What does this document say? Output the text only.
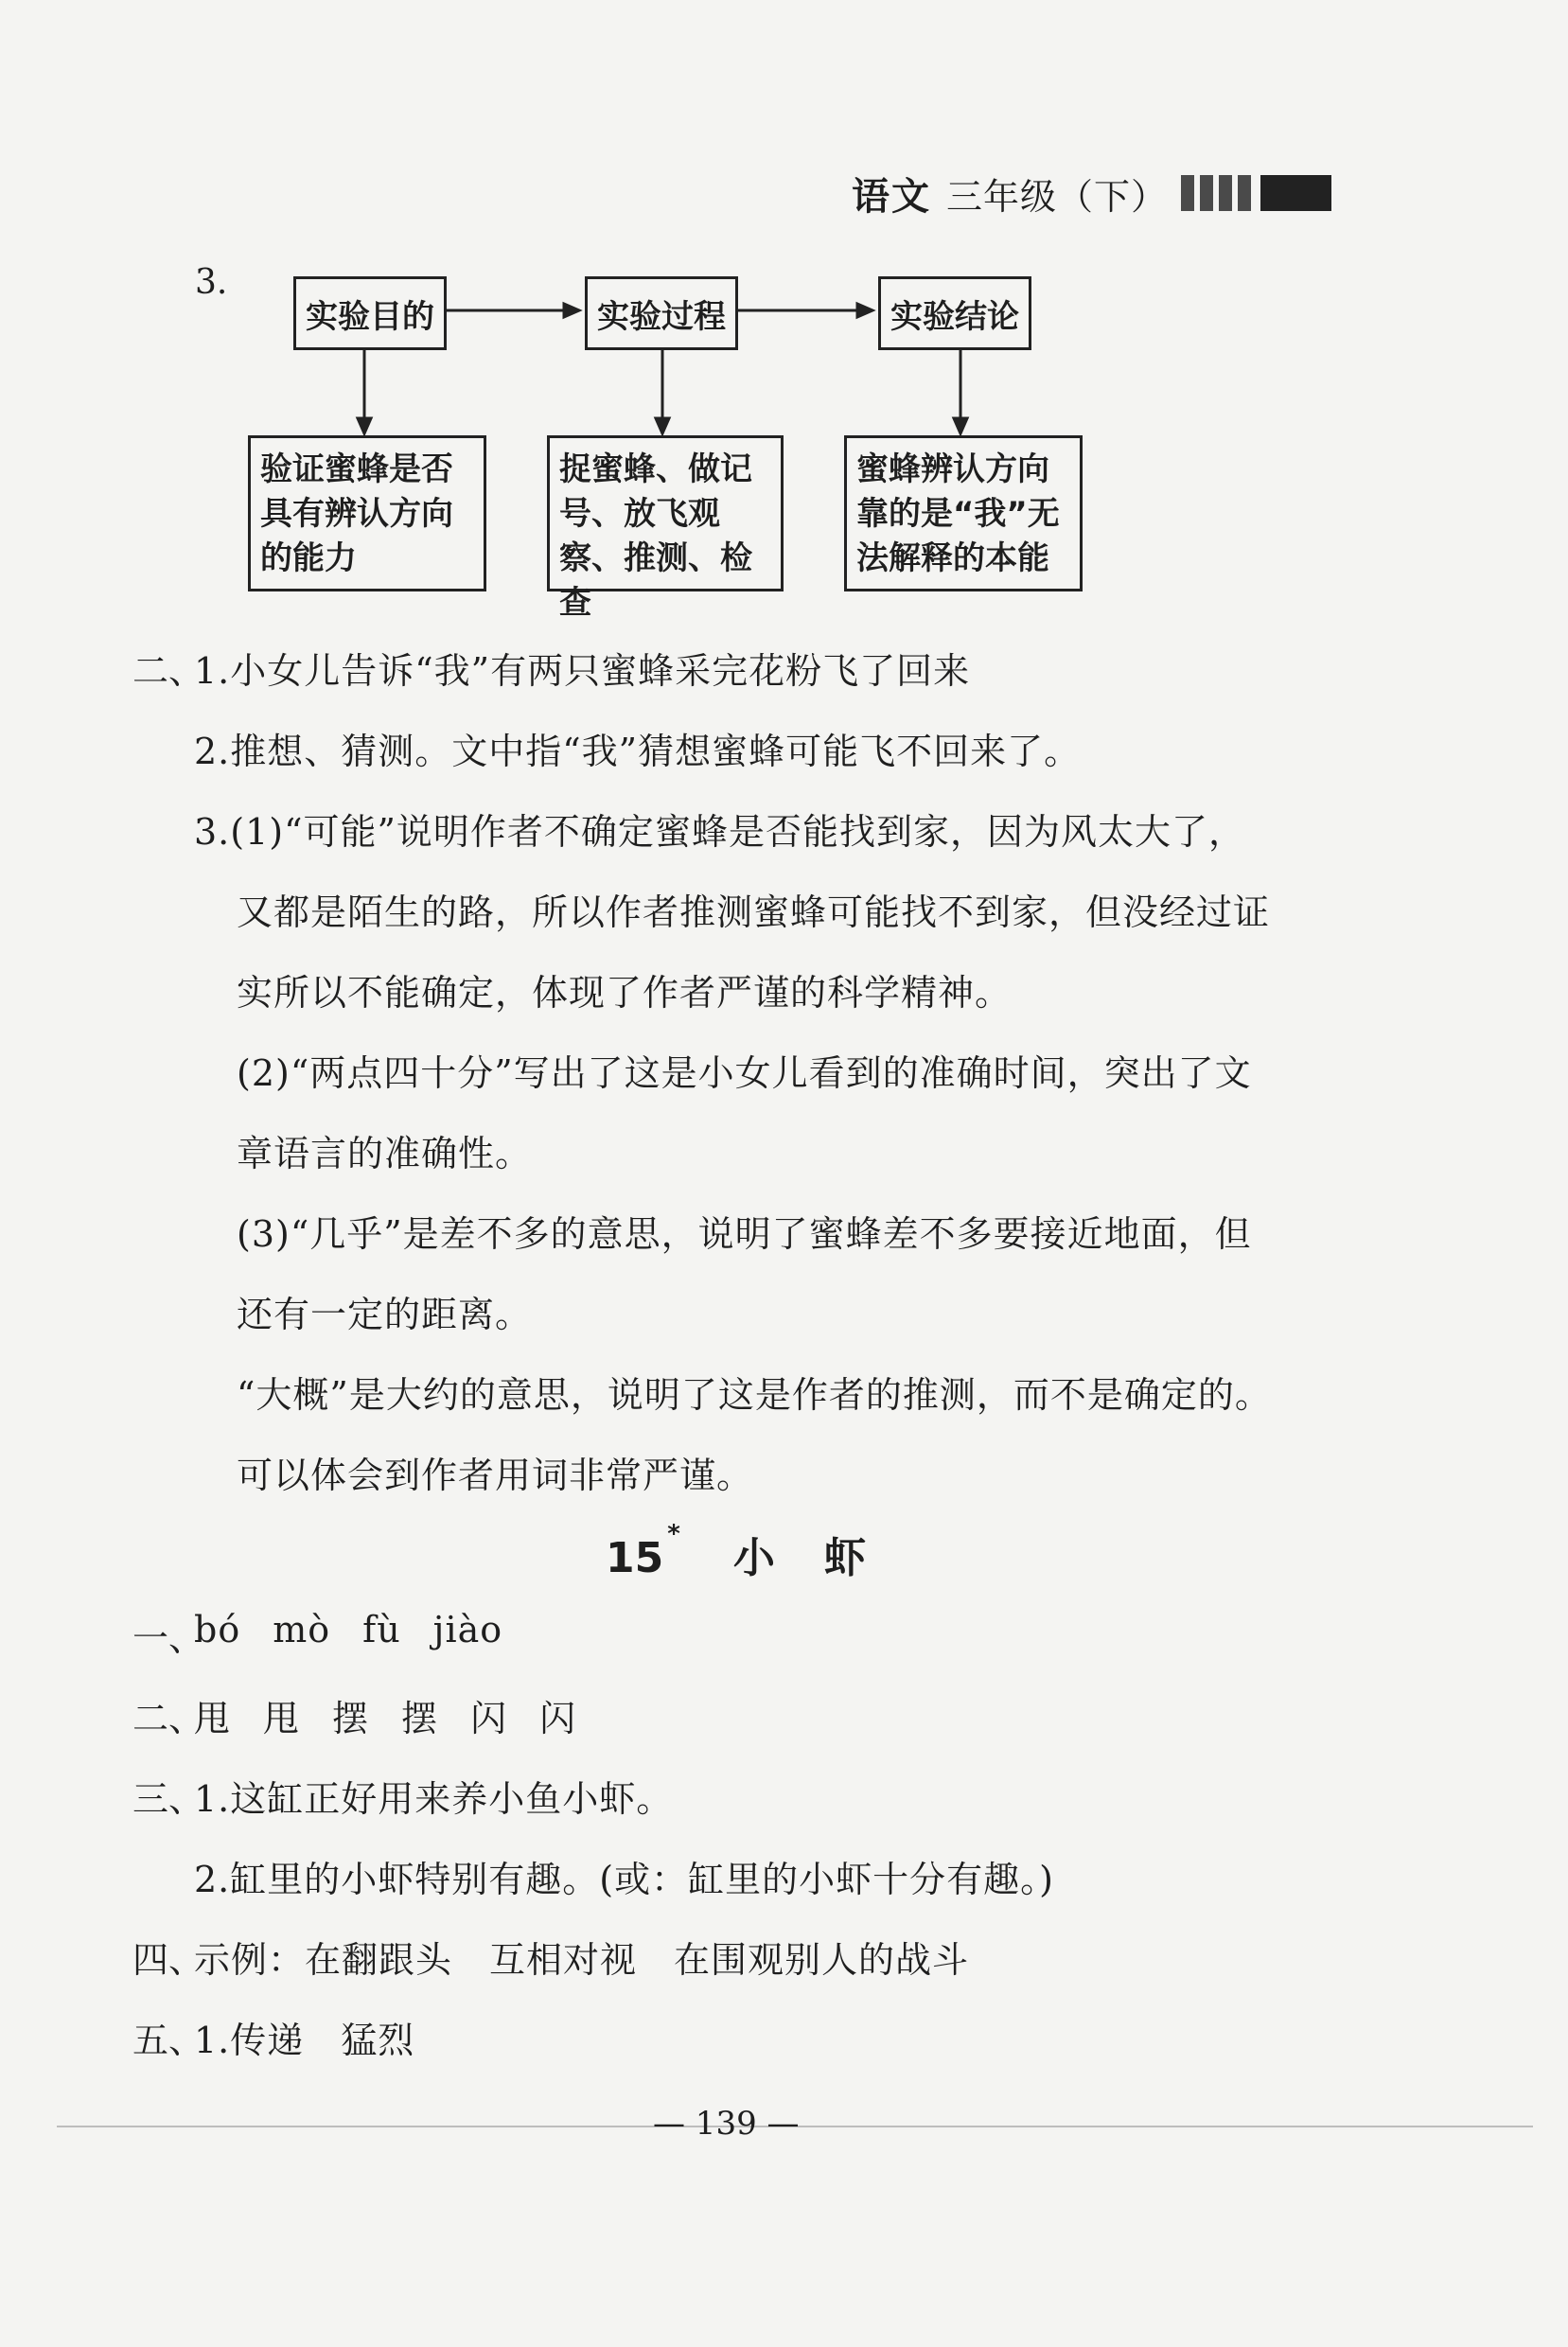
语文 三年级（下）
3.
实验目的	实验过程	实验结论
验证蜜蜂是否具有辨认方向的能力
捉蜜蜂、做记号、放飞观察、推测、检查
蜜蜂辨认方向靠的是“我”无法解释的本能
二、
1.小女儿告诉“我”有两只蜜蜂采完花粉飞了回来
2.推想、猜测。文中指“我”猜想蜜蜂可能飞不回来了。
3.(1)“可能”说明作者不确定蜜蜂是否能找到家，因为风太大了，
又都是陌生的路，所以作者推测蜜蜂可能找不到家，但没经过证
实所以不能确定，体现了作者严谨的科学精神。
(2)“两点四十分”写出了这是小女儿看到的准确时间，突出了文
章语言的准确性。
(3)“几乎”是差不多的意思，说明了蜜蜂差不多要接近地面，但
还有一定的距离。
“大概”是大约的意思，说明了这是作者的推测，而不是确定的。
可以体会到作者用词非常严谨。
15 * 小虾
一、
bó mò fù jiào
二、
甩 甩 摆 摆 闪 闪
三、
1.这缸正好用来养小鱼小虾。
2.缸里的小虾特别有趣。(或：缸里的小虾十分有趣。)
四、
示例：在翻跟头　互相对视　在围观别人的战斗
五、
1.传递　猛烈
— 139 —
